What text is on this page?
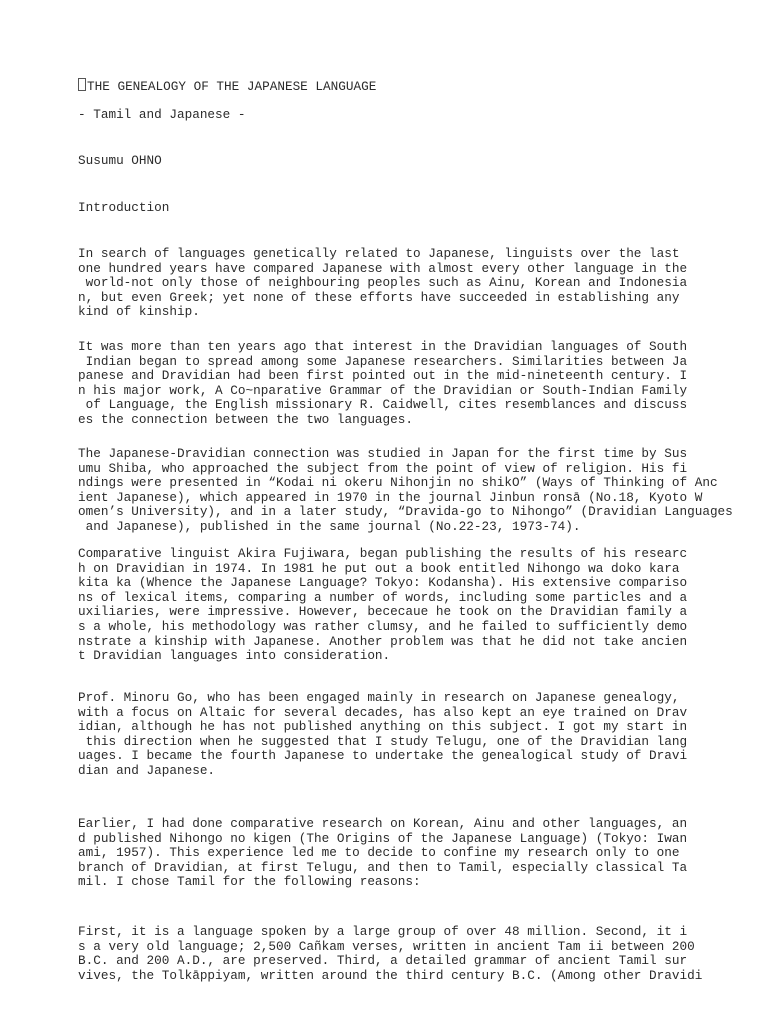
THE GENEALOGY OF THE JAPANESE LANGUAGE
- Tamil and Japanese -
Susumu OHNO
Introduction
In search of languages genetically related to Japanese, linguists over the last
one hundred years have compared Japanese with almost every other language in the
world-not only those of neighbouring peoples such as Ainu, Korean and Indonesia
n, but even Greek; yet none of these efforts have succeeded in establishing any
kind of kinship.
It was more than ten years ago that interest in the Dravidian languages of South
Indian began to spread among some Japanese researchers. Similarities between Ja
panese and Dravidian had been first pointed out in the mid-nineteenth century. I
n his major work, A Co~nparative Grammar of the Dravidian or South-Indian Family
of Language, the English missionary R. Caidwell, cites resemblances and discuss
es the connection between the two languages.
The Japanese-Dravidian connection was studied in Japan for the first time by Sus
umu Shiba, who approached the subject from the point of view of religion. His fi
ndings were presented in “Kodai ni okeru Nihonjin no shikO” (Ways of Thinking of Anc
ient Japanese), which appeared in 1970 in the journal Jinbun ronsā (No.18, Kyoto W
omen’s University), and in a later study, “Dravida-go to Nihongo” (Dravidian Languages
and Japanese), published in the same journal (No.22-23, 1973-74).
Comparative linguist Akira Fujiwara, began publishing the results of his researc
h on Dravidian in 1974. In 1981 he put out a book entitled Nihongo wa doko kara
kita ka (Whence the Japanese Language? Tokyo: Kodansha). His extensive compariso
ns of lexical items, comparing a number of words, including some particles and a
uxiliaries, were impressive. However, bececaue he took on the Dravidian family a
s a whole, his methodology was rather clumsy, and he failed to sufficiently demo
nstrate a kinship with Japanese. Another problem was that he did not take ancien
t Dravidian languages into consideration.
Prof. Minoru Go, who has been engaged mainly in research on Japanese genealogy,
with a focus on Altaic for several decades, has also kept an eye trained on Drav
idian, although he has not published anything on this subject. I got my start in
this direction when he suggested that I study Telugu, one of the Dravidian lang
uages. I became the fourth Japanese to undertake the genealogical study of Dravi
dian and Japanese.
Earlier, I had done comparative research on Korean, Ainu and other languages, an
d published Nihongo no kigen (The Origins of the Japanese Language) (Tokyo: Iwan
ami, 1957). This experience led me to decide to confine my research only to one
branch of Dravidian, at first Telugu, and then to Tamil, especially classical Ta
mil. I chose Tamil for the following reasons:
First, it is a language spoken by a large group of over 48 million. Second, it i
s a very old language; 2,500 Cañkam verses, written in ancient Tam ii between 200
B.C. and 200 A.D., are preserved. Third, a detailed grammar of ancient Tamil sur
vives, the Tolkāppiyam, written around the third century B.C. (Among other Dravidi
